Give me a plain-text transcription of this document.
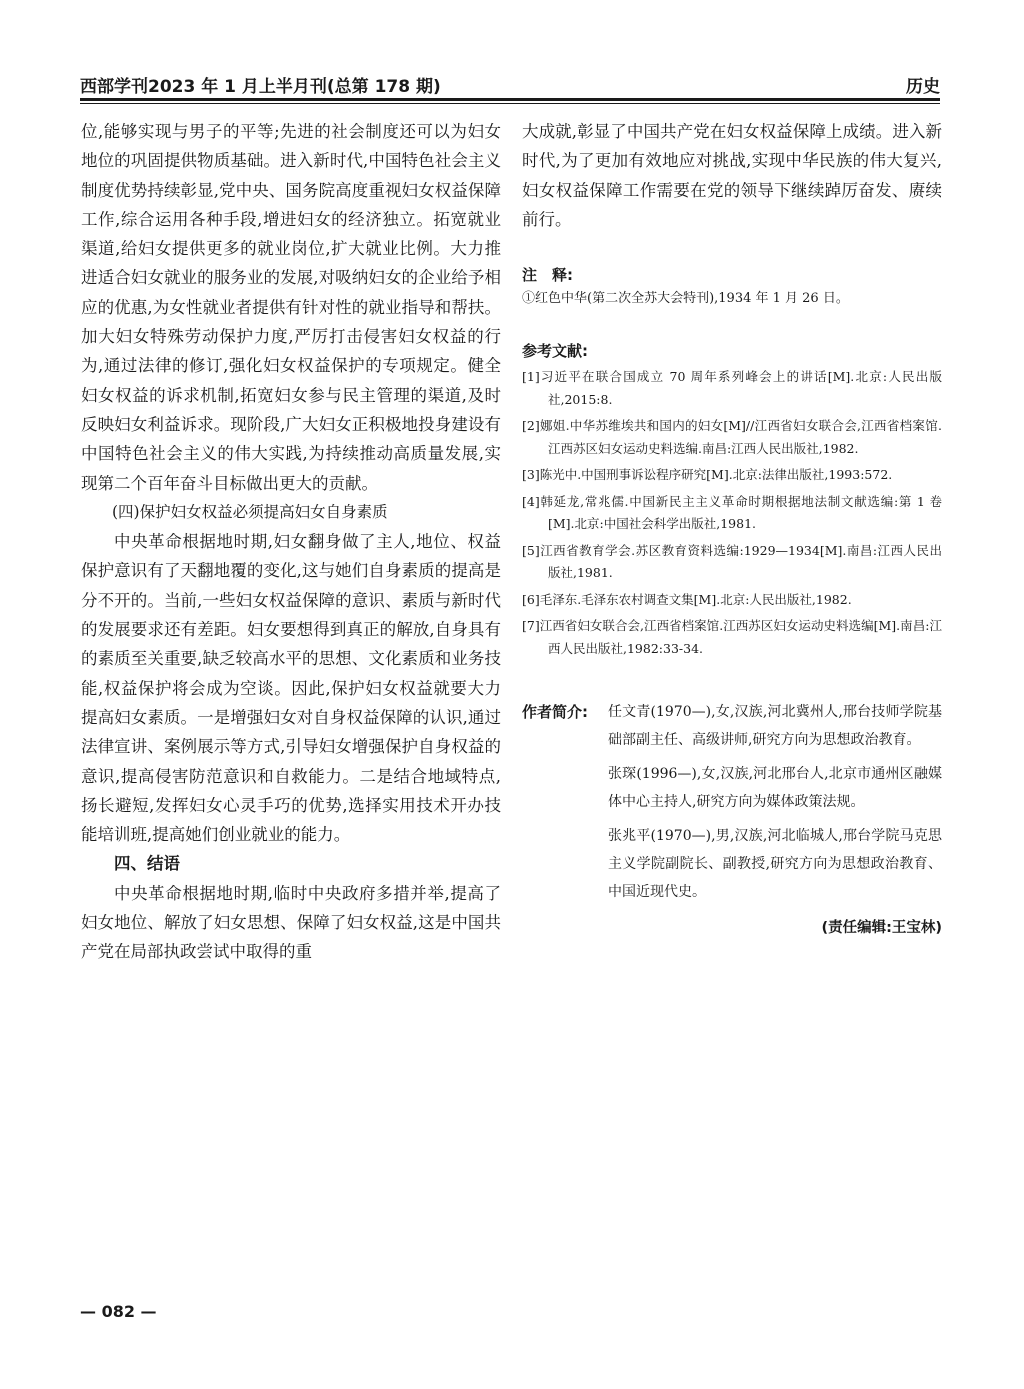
西部学刊2023 年 1 月上半月刊(总第 178 期)	历史

位,能够实现与男子的平等;先进的社会制度还可以为妇女地位的巩固提供物质基础。进入新时代,中国特色社会主义制度优势持续彰显,党中央、国务院高度重视妇女权益保障工作,综合运用各种手段,增进妇女的经济独立。拓宽就业渠道,给妇女提供更多的就业岗位,扩大就业比例。大力推进适合妇女就业的服务业的发展,对吸纳妇女的企业给予相应的优惠,为女性就业者提供有针对性的就业指导和帮扶。加大妇女特殊劳动保护力度,严厉打击侵害妇女权益的行为,通过法律的修订,强化妇女权益保护的专项规定。健全妇女权益的诉求机制,拓宽妇女参与民主管理的渠道,及时反映妇女利益诉求。现阶段,广大妇女正积极地投身建设有中国特色社会主义的伟大实践,为持续推动高质量发展,实现第二个百年奋斗目标做出更大的贡献。

(四)保护妇女权益必须提高妇女自身素质

中央革命根据地时期,妇女翻身做了主人,地位、权益保护意识有了天翻地覆的变化,这与她们自身素质的提高是分不开的。当前,一些妇女权益保障的意识、素质与新时代的发展要求还有差距。妇女要想得到真正的解放,自身具有的素质至关重要,缺乏较高水平的思想、文化素质和业务技能,权益保护将会成为空谈。因此,保护妇女权益就要大力提高妇女素质。一是增强妇女对自身权益保障的认识,通过法律宣讲、案例展示等方式,引导妇女增强保护自身权益的意识,提高侵害防范意识和自救能力。二是结合地域特点,扬长避短,发挥妇女心灵手巧的优势,选择实用技术开办技能培训班,提高她们创业就业的能力。

四、结语

中央革命根据地时期,临时中央政府多措并举,提高了妇女地位、解放了妇女思想、保障了妇女权益,这是中国共产党在局部执政尝试中取得的重

大成就,彰显了中国共产党在妇女权益保障上成绩。进入新时代,为了更加有效地应对挑战,实现中华民族的伟大复兴,妇女权益保障工作需要在党的领导下继续踔厉奋发、赓续前行。

注　释:
①红色中华(第二次全苏大会特刊),1934 年 1 月 26 日。
参考文献:
[1]习近平在联合国成立 70 周年系列峰会上的讲话[M].北京:人民出版社,2015:8.
[2]娜姐.中华苏维埃共和国内的妇女[M]//江西省妇女联合会,江西省档案馆.江西苏区妇女运动史料选编.南昌:江西人民出版社,1982.
[3]陈光中.中国刑事诉讼程序研究[M].北京:法律出版社,1993:572.
[4]韩延龙,常兆儒.中国新民主主义革命时期根据地法制文献选编:第 1 卷[M].北京:中国社会科学出版社,1981.
[5]江西省教育学会.苏区教育资料选编:1929—1934[M].南昌:江西人民出版社,1981.
[6]毛泽东.毛泽东农村调查文集[M].北京:人民出版社,1982.
[7]江西省妇女联合会,江西省档案馆.江西苏区妇女运动史料选编[M].南昌:江西人民出版社,1982:33-34.
作者简介: 任文青(1970—),女,汉族,河北冀州人,邢台技师学院基础部副主任、高级讲师,研究方向为思想政治教育。

张琛(1996—),女,汉族,河北邢台人,北京市通州区融媒体中心主持人,研究方向为媒体政策法规。

张兆平(1970—),男,汉族,河北临城人,邢台学院马克思主义学院副院长、副教授,研究方向为思想政治教育、中国近现代史。

(责任编辑:王宝林)
— 082 —
